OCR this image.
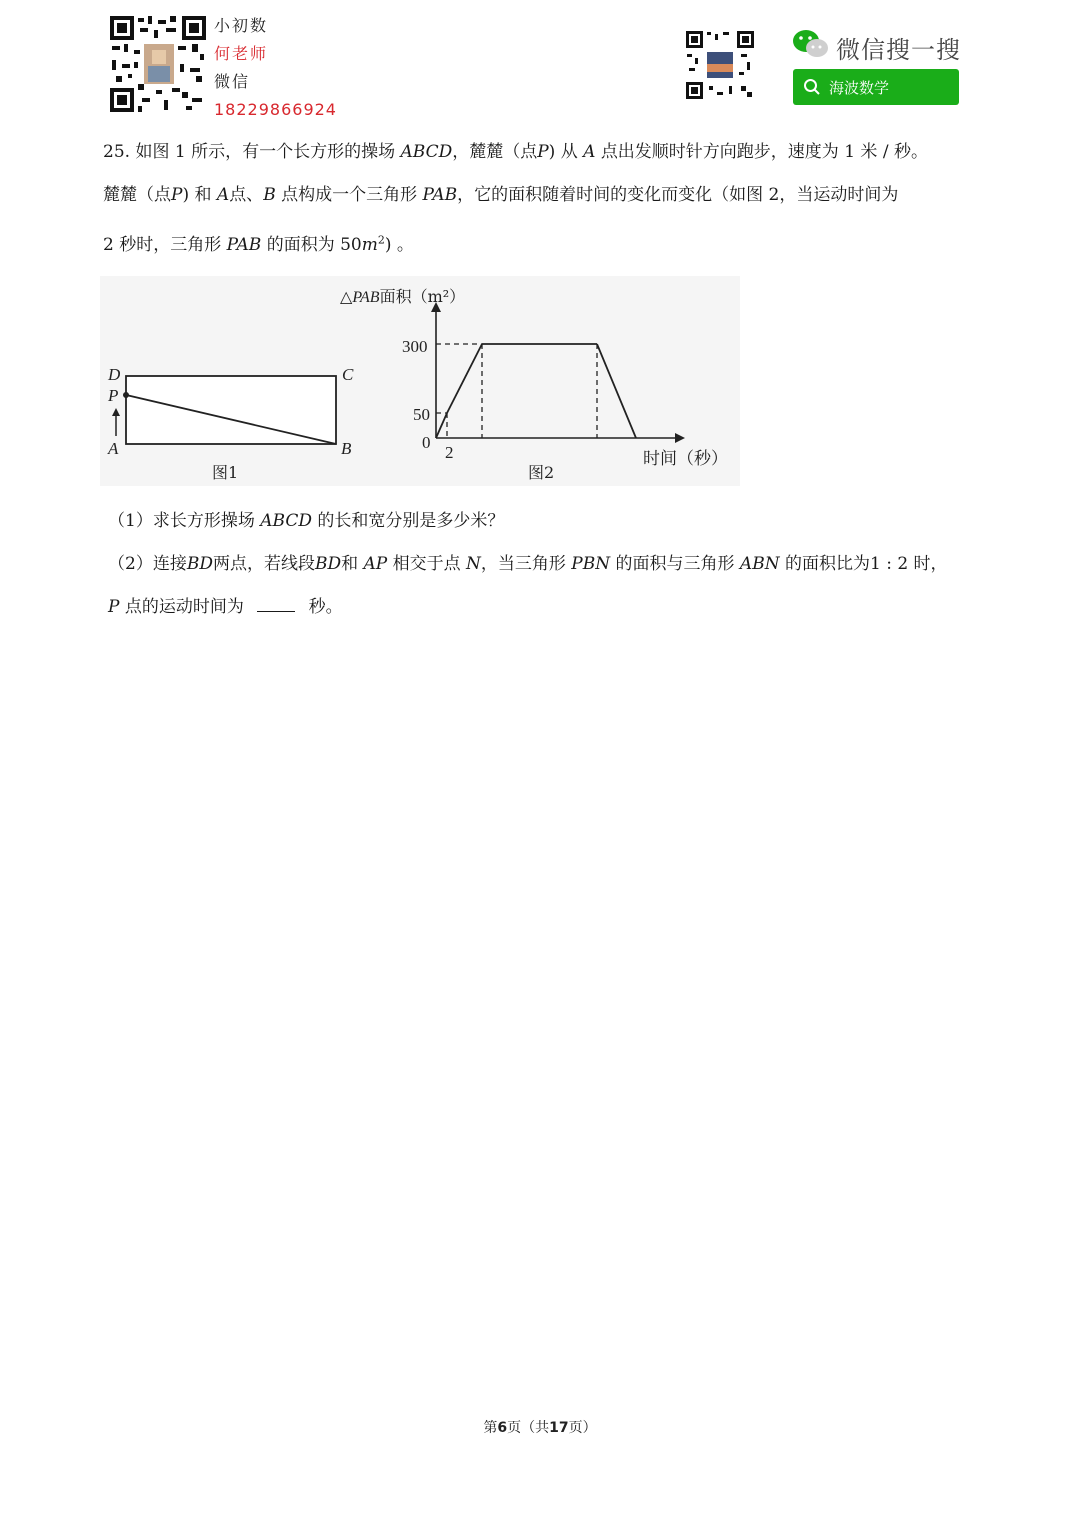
小初数
何老师
微信
18229866924
微信搜一搜
海波数学
25. 如图 1 所示，有一个长方形的操场 ABCD，麓麓（点P) 从 A 点出发顺时针方向跑步，速度为 1 米 / 秒。
麓麓（点P) 和 A点、B 点构成一个三角形 PAB，它的面积随着时间的变化而变化（如图 2，当运动时间为
2 秒时，三角形 PAB 的面积为 $50m^2$) 。
D	C
P
A	B
图1
△PAB面积（m²）
300
50
0
2	时间（秒）
图2
（1）求长方形操场 ABCD 的长和宽分别是多少米？
（2）连接BD两点，若线段BD和 AP 相交于点 N，当三角形 PBN 的面积与三角形 ABN 的面积比为1 : 2 时，
P 点的运动时间为	秒。
第6页（共17页）
